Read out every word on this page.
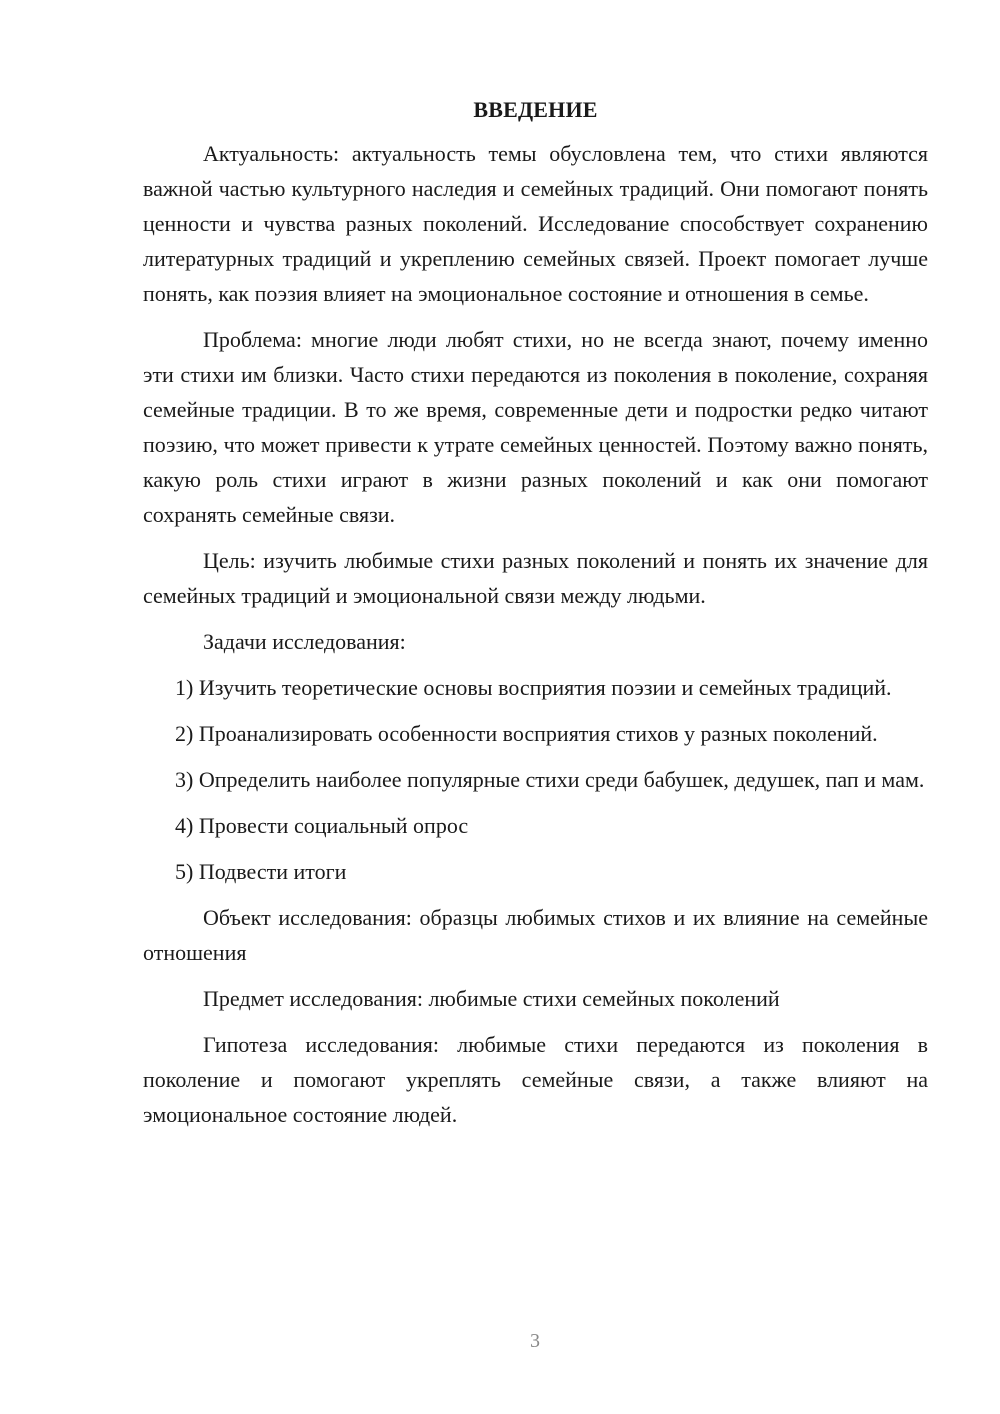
ВВЕДЕНИЕ

Актуальность: актуальность темы обусловлена тем, что стихи являются важной частью культурного наследия и семейных традиций. Они помогают понять ценности и чувства разных поколений. Исследование способствует сохранению литературных традиций и укреплению семейных связей. Проект помогает лучше понять, как поэзия влияет на эмоциональное состояние и отношения в семье.

Проблема: многие люди любят стихи, но не всегда знают, почему именно эти стихи им близки. Часто стихи передаются из поколения в поколение, сохраняя семейные традиции. В то же время, современные дети и подростки редко читают поэзию, что может привести к утрате семейных ценностей. Поэтому важно понять, какую роль стихи играют в жизни разных поколений и как они помогают сохранять семейные связи.

Цель: изучить любимые стихи разных поколений и понять их значение для семейных традиций и эмоциональной связи между людьми.

Задачи исследования:

1) Изучить теоретические основы восприятия поэзии и семейных традиций.

2) Проанализировать особенности восприятия стихов у разных поколений.

3) Определить наиболее популярные стихи среди бабушек, дедушек, пап и мам.

4) Провести социальный опрос

5) Подвести итоги

Объект исследования: образцы любимых стихов и их влияние на семейные отношения

Предмет исследования: любимые стихи семейных поколений

Гипотеза исследования: любимые стихи передаются из поколения в поколение и помогают укреплять семейные связи, а также влияют на эмоциональное состояние людей.

3
